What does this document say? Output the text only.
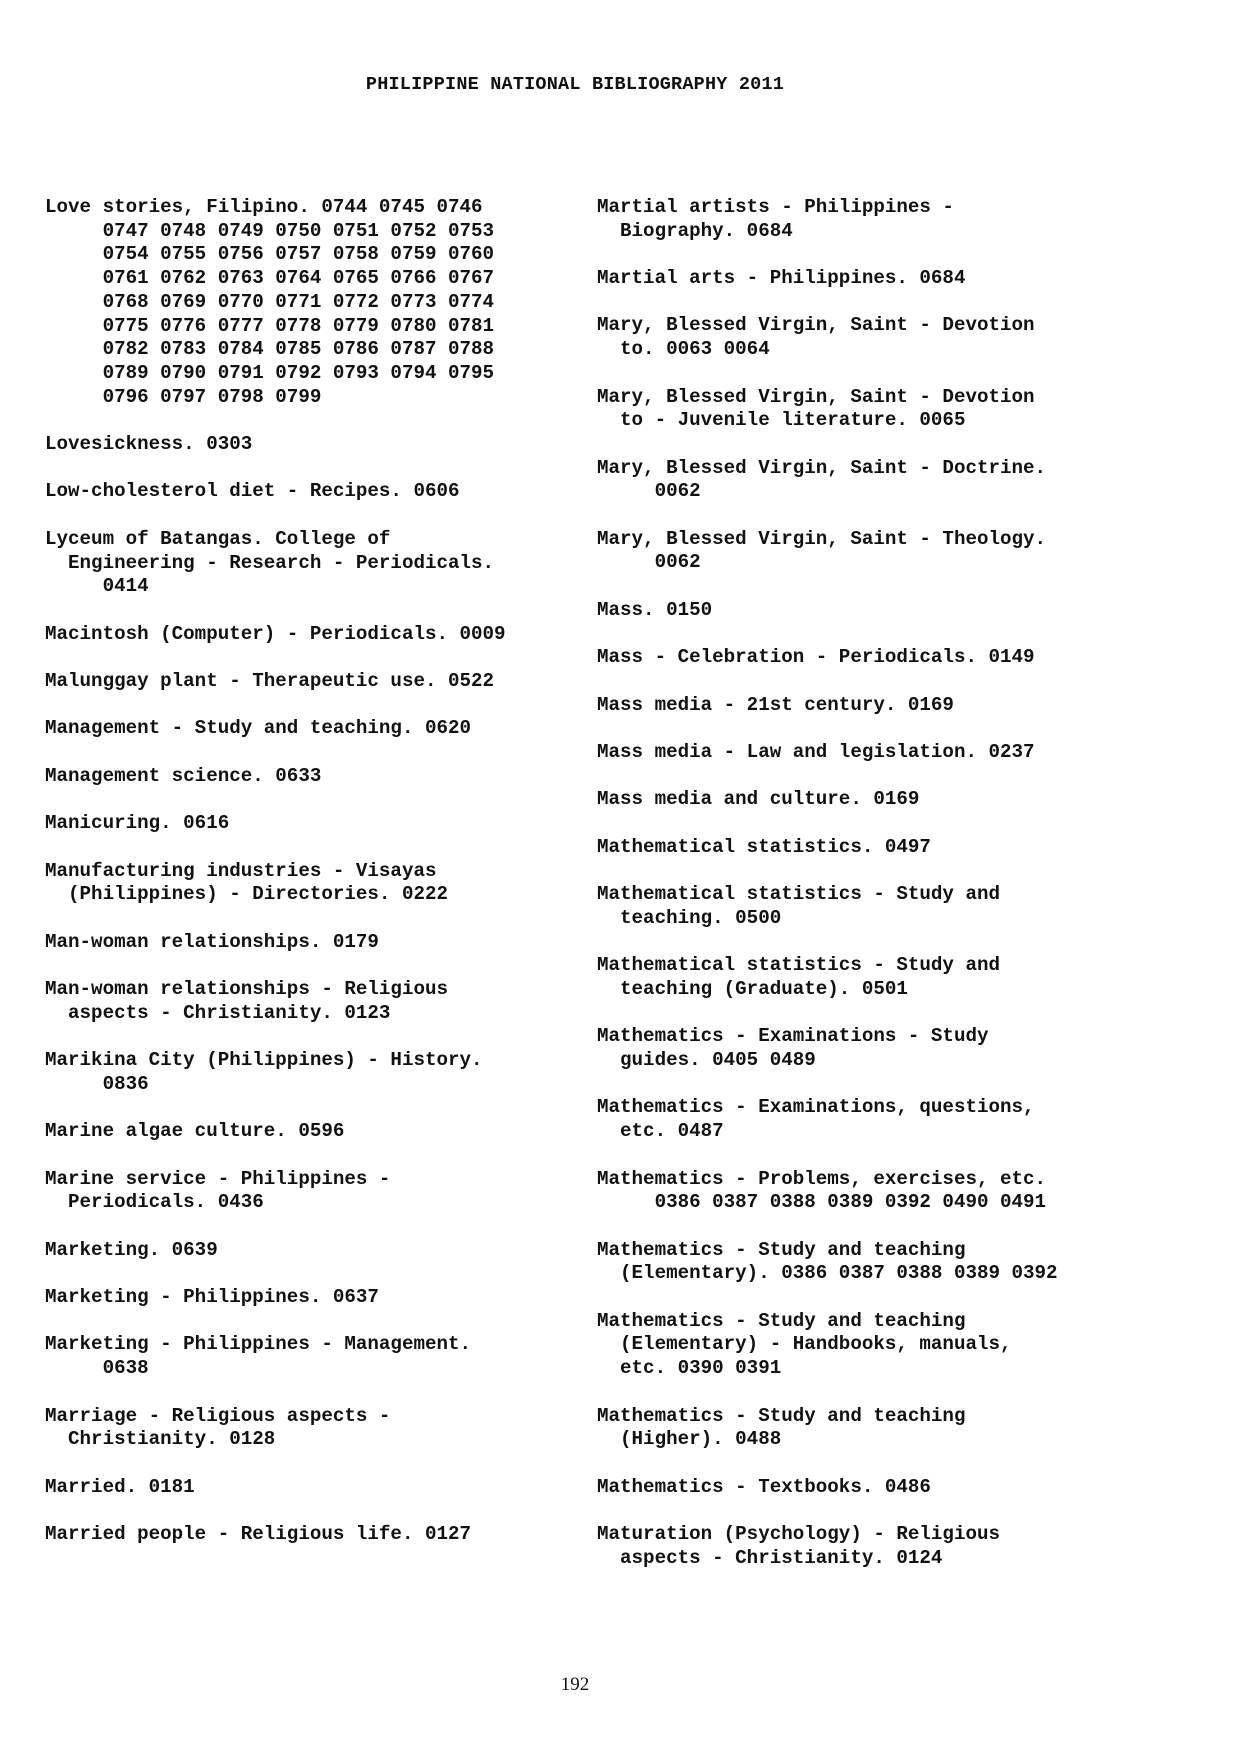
PHILIPPINE NATIONAL BIBLIOGRAPHY 2011
Love stories, Filipino. 0744 0745 0746
0747 0748 0749 0750 0751 0752 0753
0754 0755 0756 0757 0758 0759 0760
0761 0762 0763 0764 0765 0766 0767
0768 0769 0770 0771 0772 0773 0774
0775 0776 0777 0778 0779 0780 0781
0782 0783 0784 0785 0786 0787 0788
0789 0790 0791 0792 0793 0794 0795
0796 0797 0798 0799
Lovesickness. 0303
Low-cholesterol diet - Recipes. 0606
Lyceum of Batangas. College of
Engineering - Research - Periodicals.
0414
Macintosh (Computer) - Periodicals. 0009
Malunggay plant - Therapeutic use. 0522
Management - Study and teaching. 0620
Management science. 0633
Manicuring. 0616
Manufacturing industries - Visayas
(Philippines) - Directories. 0222
Man-woman relationships. 0179
Man-woman relationships - Religious
aspects - Christianity. 0123
Marikina City (Philippines) - History.
0836
Marine algae culture. 0596
Marine service - Philippines -
Periodicals. 0436
Marketing. 0639
Marketing - Philippines. 0637
Marketing - Philippines - Management.
0638
Marriage - Religious aspects -
Christianity. 0128
Married. 0181
Married people - Religious life. 0127
Martial artists - Philippines -
Biography. 0684
Martial arts - Philippines. 0684
Mary, Blessed Virgin, Saint - Devotion
to. 0063 0064
Mary, Blessed Virgin, Saint - Devotion
to - Juvenile literature. 0065
Mary, Blessed Virgin, Saint - Doctrine.
0062
Mary, Blessed Virgin, Saint - Theology.
0062
Mass. 0150
Mass - Celebration - Periodicals. 0149
Mass media - 21st century. 0169
Mass media - Law and legislation. 0237
Mass media and culture. 0169
Mathematical statistics. 0497
Mathematical statistics - Study and
teaching. 0500
Mathematical statistics - Study and
teaching (Graduate). 0501
Mathematics - Examinations - Study
guides. 0405 0489
Mathematics - Examinations, questions,
etc. 0487
Mathematics - Problems, exercises, etc.
0386 0387 0388 0389 0392 0490 0491
Mathematics - Study and teaching
(Elementary). 0386 0387 0388 0389 0392
Mathematics - Study and teaching
(Elementary) - Handbooks, manuals,
etc. 0390 0391
Mathematics - Study and teaching
(Higher). 0488
Mathematics - Textbooks. 0486
Maturation (Psychology) - Religious
aspects - Christianity. 0124
192
